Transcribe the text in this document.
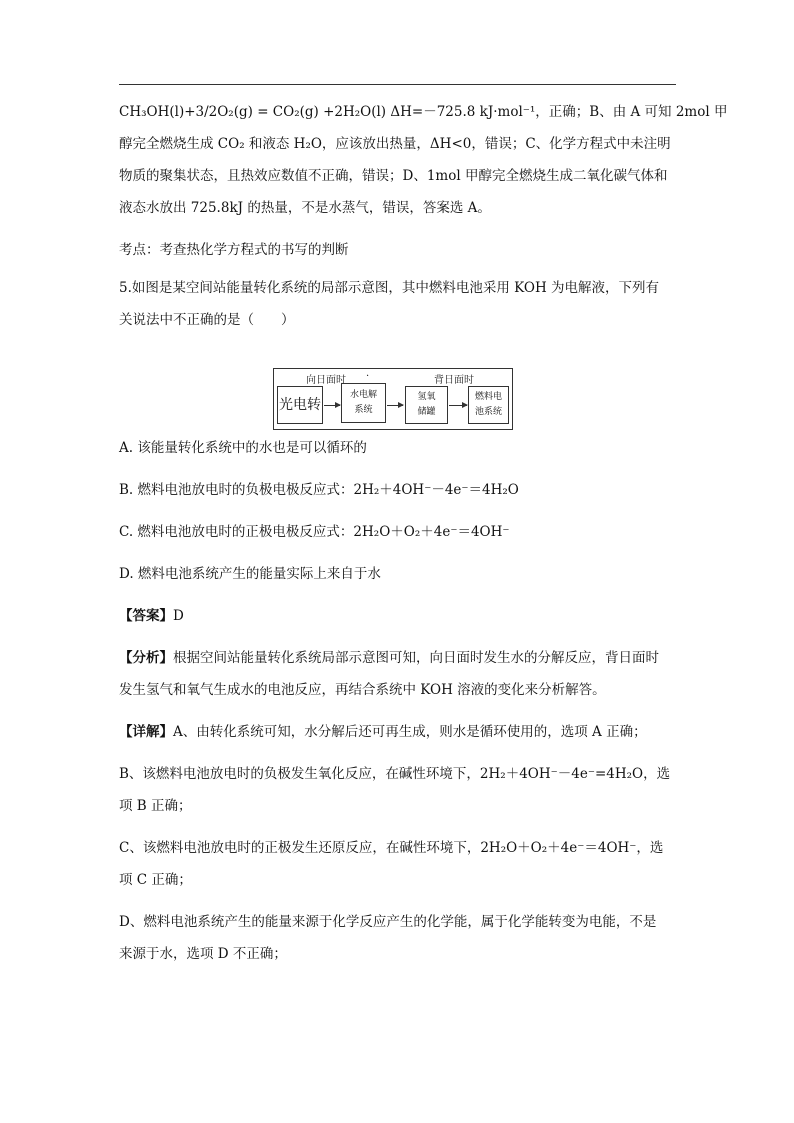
CH₃OH(l)+3/2O₂(g) = CO₂(g) +2H₂O(l) ΔH=－725.8 kJ·mol⁻¹，正确；B、由 A 可知 2mol 甲
醇完全燃烧生成 CO₂ 和液态 H₂O，应该放出热量，ΔH<0，错误；C、化学方程式中未注明
物质的聚集状态，且热效应数值不正确，错误；D、1mol 甲醇完全燃烧生成二氧化碳气体和
液态水放出 725.8kJ 的热量，不是水蒸气，错误，答案选 A。
考点：考查热化学方程式的书写的判断
5.如图是某空间站能量转化系统的局部示意图，其中燃料电池采用 KOH 为电解液，下列有
关说法中不正确的是（　　）
A. 该能量转化系统中的水也是可以循环的
B. 燃料电池放电时的负极电极反应式：2H₂＋4OH⁻－4e⁻＝4H₂O
C. 燃料电池放电时的正极电极反应式：2H₂O＋O₂＋4e⁻＝4OH⁻
D. 燃料电池系统产生的能量实际上来自于水
【答案】D
【分析】根据空间站能量转化系统局部示意图可知，向日面时发生水的分解反应，背日面时
发生氢气和氧气生成水的电池反应，再结合系统中 KOH 溶液的变化来分析解答。
【详解】A、由转化系统可知，水分解后还可再生成，则水是循环使用的，选项 A 正确；
B、该燃料电池放电时的负极发生氧化反应，在碱性环境下，2H₂＋4OH⁻－4e⁻=4H₂O，选
项 B 正确；
C、该燃料电池放电时的正极发生还原反应，在碱性环境下，2H₂O＋O₂＋4e⁻＝4OH⁻，选
项 C 正确；
D、燃料电池系统产生的能量来源于化学反应产生的化学能，属于化学能转变为电能，不是
来源于水，选项 D 不正确；
向日面时 ·	背日面时
光电转
水电解
系统
氢氧
储罐
燃料电
池系统
